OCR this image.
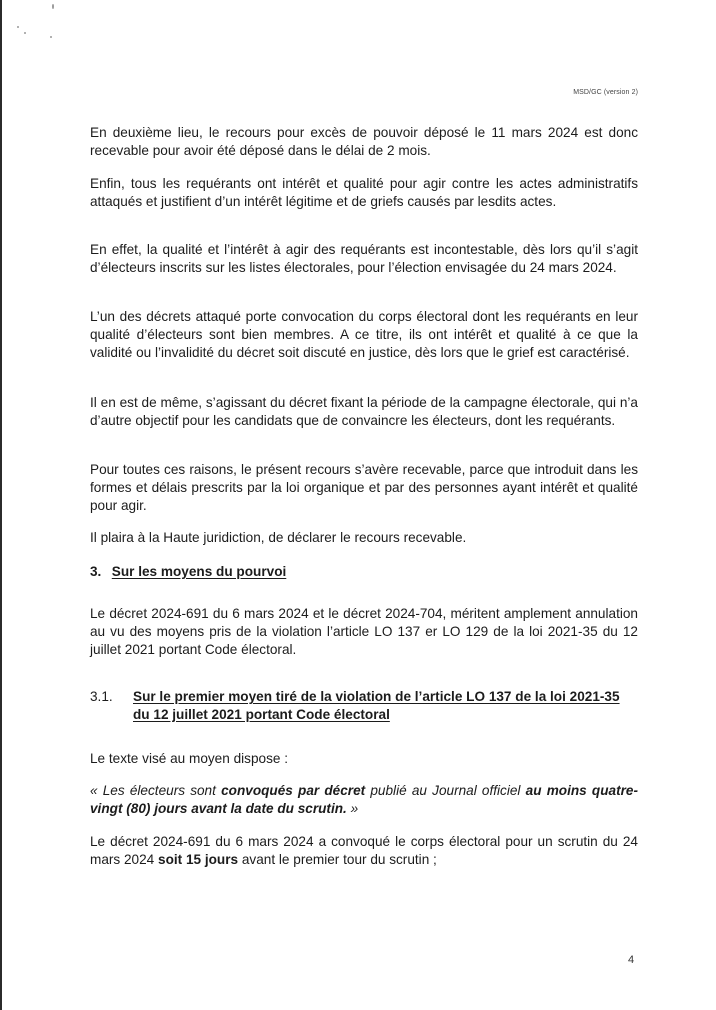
MSD/GC (version 2)

En deuxième lieu, le recours pour excès de pouvoir déposé le 11 mars 2024 est donc recevable pour avoir été déposé dans le délai de 2 mois.

Enfin, tous les requérants ont intérêt et qualité pour agir contre les actes administratifs attaqués et justifient d’un intérêt légitime et de griefs causés par lesdits actes.

En effet, la qualité et l’intérêt à agir des requérants est incontestable, dès lors qu’il s’agit d’électeurs inscrits sur les listes électorales, pour l’élection envisagée du 24 mars 2024.

L’un des décrets attaqué porte convocation du corps électoral dont les requérants en leur qualité d’électeurs sont bien membres. A ce titre, ils ont intérêt et qualité à ce que la validité ou l’invalidité du décret soit discuté en justice, dès lors que le grief est caractérisé.

Il en est de même, s’agissant du décret fixant la période de la campagne électorale, qui n’a d’autre objectif pour les candidats que de convaincre les électeurs, dont les requérants.

Pour toutes ces raisons, le présent recours s’avère recevable, parce que introduit dans les formes et délais prescrits par la loi organique et par des personnes ayant intérêt et qualité pour agir.

Il plaira à la Haute juridiction, de déclarer le recours recevable.

3. Sur les moyens du pourvoi

Le décret 2024-691 du 6 mars 2024 et le décret 2024-704, méritent amplement annulation au vu des moyens pris de la violation l’article LO 137 er LO 129 de la loi 2021-35 du 12 juillet 2021 portant Code électoral.

3.1. Sur le premier moyen tiré de la violation de l’article LO 137 de la loi 2021-35 du 12 juillet 2021 portant Code électoral

Le texte visé au moyen dispose :

« Les électeurs sont convoqués par décret publié au Journal officiel au moins quatre-vingt (80) jours avant la date du scrutin. »

Le décret 2024-691 du 6 mars 2024 a convoqué le corps électoral pour un scrutin du 24 mars 2024 soit 15 jours avant le premier tour du scrutin ;

4
